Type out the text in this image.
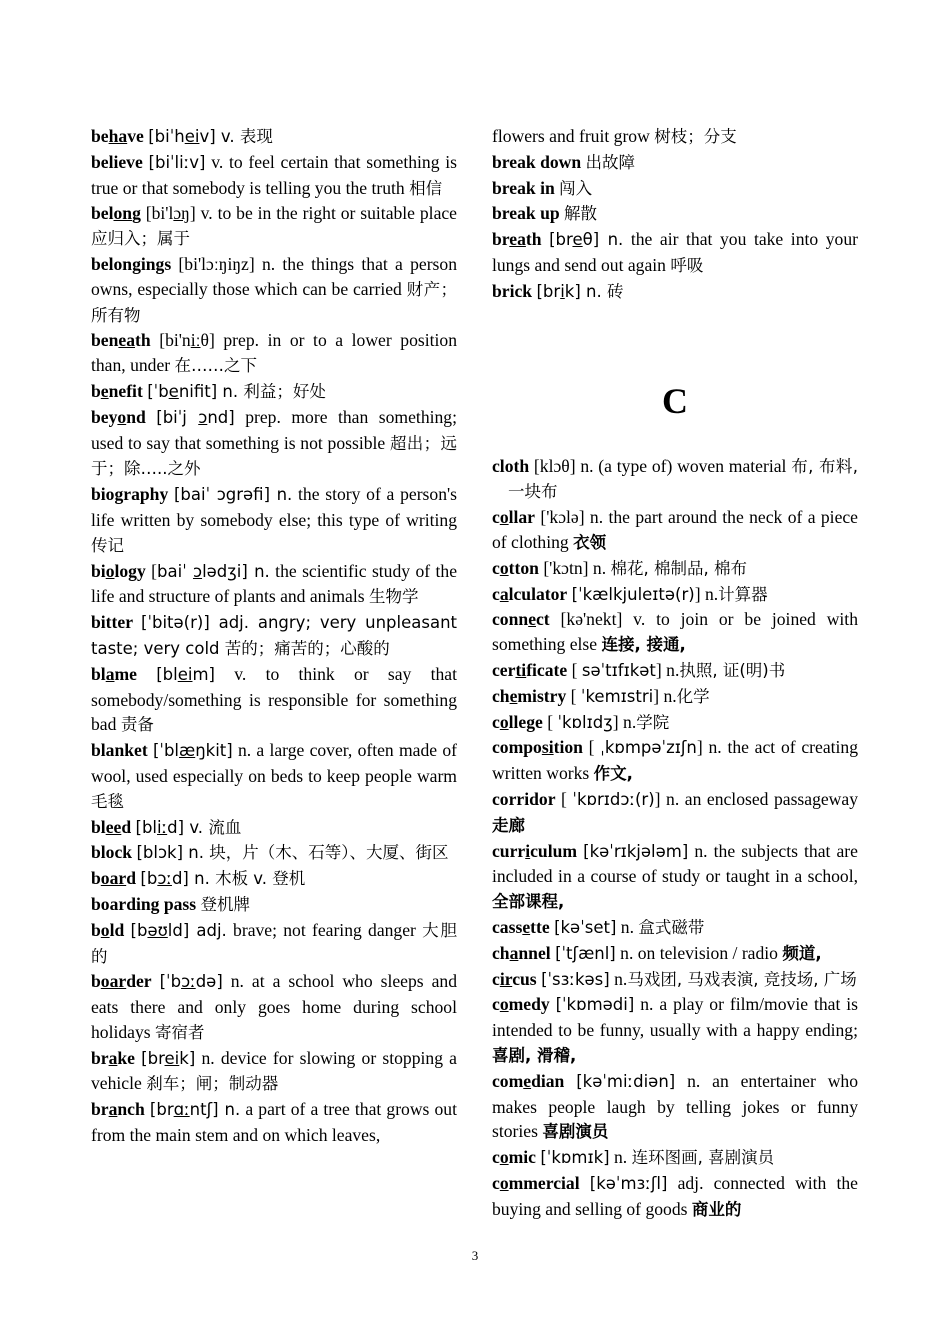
behave [biˈheiv] v. 表现

believe [biˈliːv] v. to feel certain that something is true or that somebody is telling you the truth 相信

belong [bi'lɔŋ] v. to be in the right or suitable place 应归入；属于

belongings [bi'lɔːŋiŋz] n. the things that a person owns, especially those which can be carried 财产；所有物

beneath [bi'niːθ] prep. in or to a lower position than, under 在……之下

benefit [ˈbenifit] n. 利益；好处

beyond [biˈj ɔnd] prep. more than something; used to say that something is not possible 超出；远于；除…..之外

biography [baiˈ ɔgrəfi] n. the story of a person's life written by somebody else; this type of writing 传记

biology [baiˈ ɔlədʒi] n. the scientific study of the life and structure of plants and animals 生物学

bitter [ˈbitə(r)] adj. angry; very unpleasant taste; very cold 苦的；痛苦的；心酸的

blame [bleim] v. to think or say that somebody/something is responsible for something bad 责备

blanket [ˈblæŋkit] n. a large cover, often made of wool, used especially on beds to keep people warm 毛毯

bleed [bliːd] v. 流血

block [blɔk] n. 块，片（木、石等）、大厦、街区

board [bɔːd] n. 木板 v. 登机

boarding pass 登机牌

bold [bəʊld] adj. brave; not fearing danger 大胆的

boarder [ˈbɔːdə] n. at a school who sleeps and eats there and only goes home during school holidays 寄宿者

brake [breik] n. device for slowing or stopping a vehicle 刹车；闸；制动器

branch [brɑːntʃ] n. a part of a tree that grows out from the main stem and on which leaves,

flowers and fruit grow 树枝；分支

break down 出故障

break in 闯入

break up 解散

breath [breθ] n. the air that you take into your lungs and send out again 呼吸

brick [brik] n. 砖

C

cloth [klɔθ] n. (a type of) woven material 布, 布料, 一块布

collar ['kɔlə] n. the part around the neck of a piece of clothing 衣领

cotton ['kɔtn] n. 棉花, 棉制品, 棉布

calculator [ˈkælkjuleɪtə(r)] n.计算器

connect [kə'nekt] v. to join or be joined with something else 连接, 接通,

certificate [ səˈtɪfɪkət] n.执照, 证(明)书

chemistry [ ˈkemɪstri] n.化学

college [ ˈkɒlɪdʒ] n.学院

composition [ ˌkɒmpəˈzɪʃn] n. the act of creating written works 作文,

corridor [ ˈkɒrɪdɔː(r)] n. an enclosed passageway 走廊

curriculum [kəˈrɪkjələm] n. the subjects that are included in a course of study or taught in a school, 全部课程,

cassette [kəˈset] n. 盒式磁带

channel [ˈtʃænl] n. on television / radio 频道,

circus [ˈsɜːkəs] n.马戏团, 马戏表演, 竞技场, 广场

comedy [ˈkɒmədi] n. a play or film/movie that is intended to be funny, usually with a happy ending; 喜剧, 滑稽,

comedian [kəˈmiːdiən] n. an entertainer who makes people laugh by telling jokes or funny stories 喜剧演员

comic [ˈkɒmɪk] n. 连环图画, 喜剧演员

commercial [kəˈmɜːʃl] adj. connected with the buying and selling of goods 商业的

3
